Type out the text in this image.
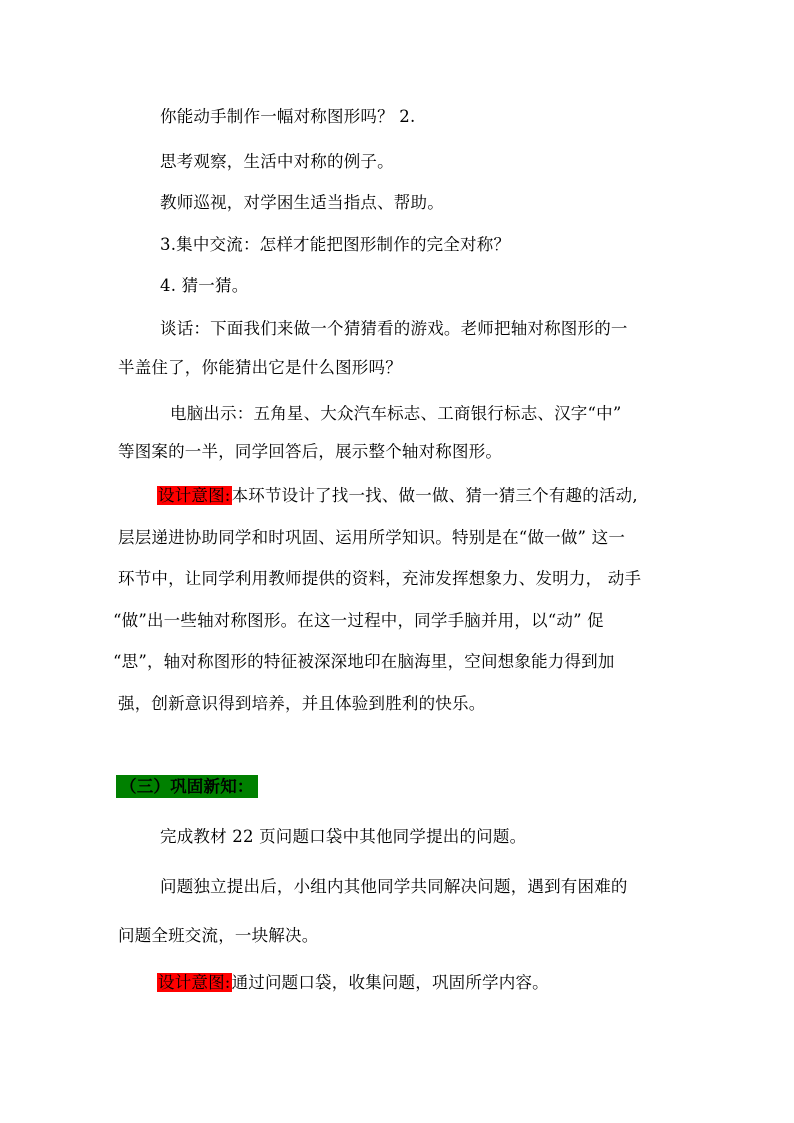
你能动手制作一幅对称图形吗？ 2.
思考观察，生活中对称的例子。
教师巡视，对学困生适当指点、帮助。
3.集中交流：怎样才能把图形制作的完全对称？
4. 猜一猜。
谈话：下面我们来做一个猜猜看的游戏。老师把轴对称图形的一
半盖住了，你能猜出它是什么图形吗？
电脑出示：五角星、大众汽车标志、工商银行标志、汉字“中”
等图案的一半，同学回答后，展示整个轴对称图形。
设计意图:本环节设计了找一找、做一做、猜一猜三个有趣的活动,
层层递进协助同学和时巩固、运用所学知识。特别是在“做一做” 这一
环节中，让同学利用教师提供的资料，充沛发挥想象力、发明力， 动手
“做”出一些轴对称图形。在这一过程中，同学手脑并用，以“动” 促
“思”，轴对称图形的特征被深深地印在脑海里，空间想象能力得到加
强，创新意识得到培养，并且体验到胜利的快乐。
（三）巩固新知：
完成教材 22 页问题口袋中其他同学提出的问题。
问题独立提出后，小组内其他同学共同解决问题，遇到有困难的
问题全班交流，一块解决。
设计意图:通过问题口袋，收集问题，巩固所学内容。
